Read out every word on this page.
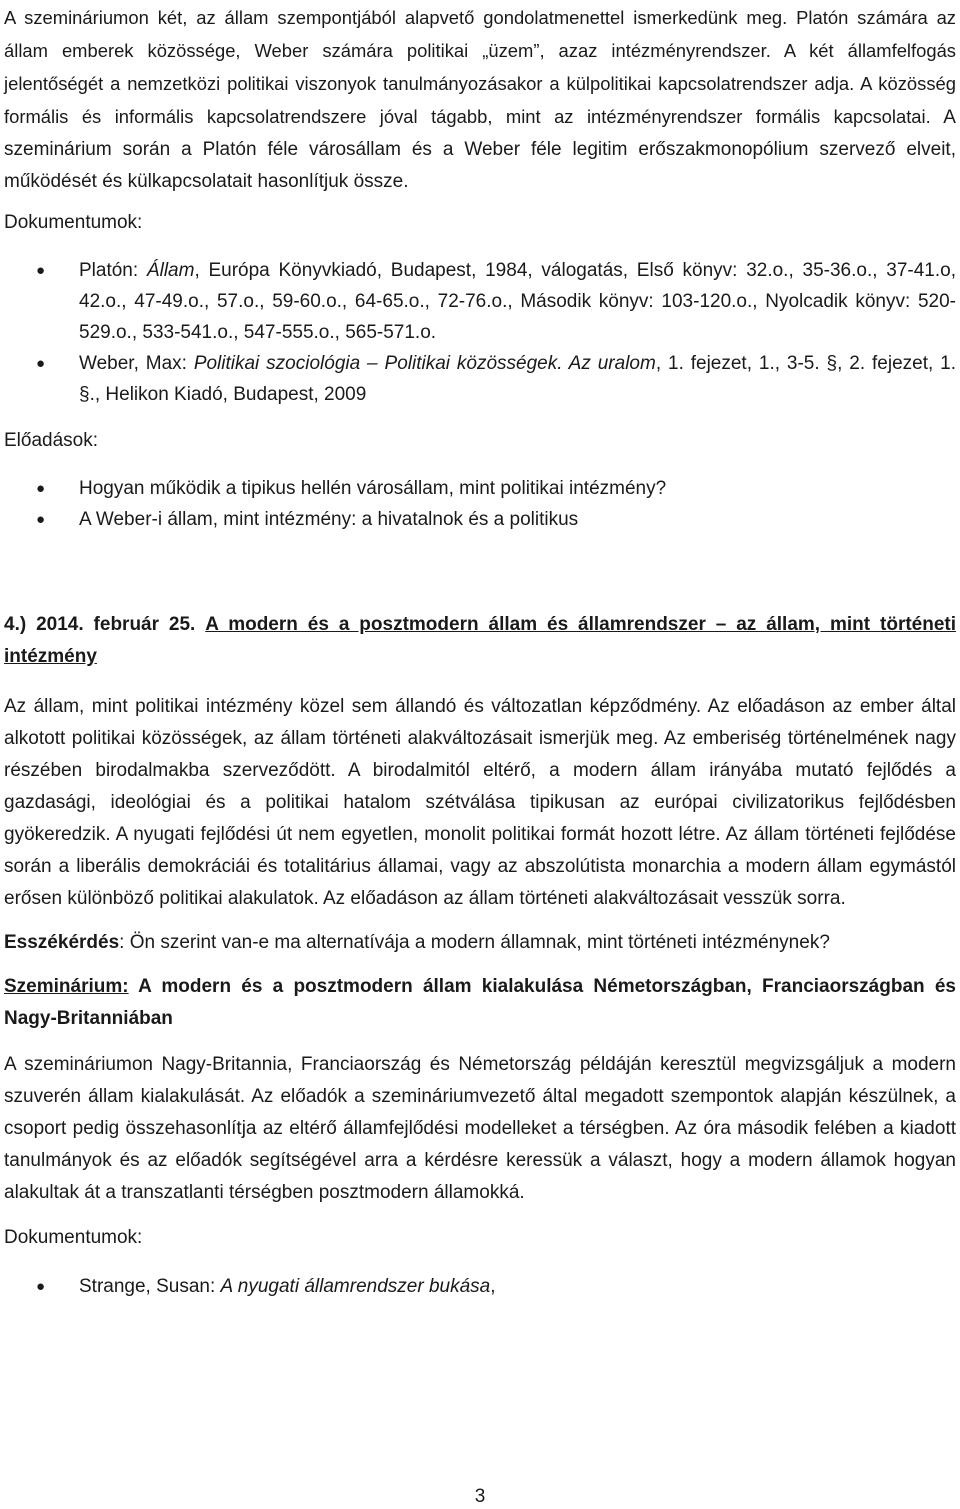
A szemináriumon két, az állam szempontjából alapvető gondolatmenettel ismerkedünk meg. Platón számára az állam emberek közössége, Weber számára politikai „üzem”, azaz intézményrendszer. A két államfelfogás jelentőségét a nemzetközi politikai viszonyok tanulmányozásakor a külpolitikai kapcsolatrendszer adja. A közösség formális és informális kapcsolatrendszere jóval tágabb, mint az intézményrendszer formális kapcsolatai. A szeminárium során a Platón féle városállam és a Weber féle legitim erőszakmonopólium szervező elveit, működését és külkapcsolatait hasonlítjuk össze.

Dokumentumok:

● Platón: Állam, Európa Könyvkiadó, Budapest, 1984, válogatás, Első könyv: 32.o., 35-36.o., 37-41.o, 42.o., 47-49.o., 57.o., 59-60.o., 64-65.o., 72-76.o., Második könyv: 103-120.o., Nyolcadik könyv: 520-529.o., 533-541.o., 547-555.o., 565-571.o.
● Weber, Max: Politikai szociológia – Politikai közösségek. Az uralom, 1. fejezet, 1., 3-5. §, 2. fejezet, 1. §., Helikon Kiadó, Budapest, 2009

Előadások:

● Hogyan működik a tipikus hellén városállam, mint politikai intézmény?
● A Weber-i állam, mint intézmény: a hivatalnok és a politikus

4.) 2014. február 25. A modern és a posztmodern állam és államrendszer – az állam, mint történeti intézmény

Az állam, mint politikai intézmény közel sem állandó és változatlan képződmény. Az előadáson az ember által alkotott politikai közösségek, az állam történeti alakváltozásait ismerjük meg. Az emberiség történelmének nagy részében birodalmakba szerveződött. A birodalmitól eltérő, a modern állam irányába mutató fejlődés a gazdasági, ideológiai és a politikai hatalom szétválása tipikusan az európai civilizatorikus fejlődésben gyökeredzik. A nyugati fejlődési út nem egyetlen, monolit politikai formát hozott létre. Az állam történeti fejlődése során a liberális demokráciái és totalitárius államai, vagy az abszolútista monarchia a modern állam egymástól erősen különböző politikai alakulatok. Az előadáson az állam történeti alakváltozásait vesszük sorra.

Esszékérdés: Ön szerint van-e ma alternatívája a modern államnak, mint történeti intézménynek?

Szeminárium: A modern és a posztmodern állam kialakulása Németországban, Franciaországban és Nagy-Britanniában

A szemináriumon Nagy-Britannia, Franciaország és Németország példáján keresztül megvizsgáljuk a modern szuverén állam kialakulását. Az előadók a szemináriumvezető által megadott szempontok alapján készülnek, a csoport pedig összehasonlítja az eltérő államfejlődési modelleket a térségben. Az óra második felében a kiadott tanulmányok és az előadók segítségével arra a kérdésre keressük a választ, hogy a modern államok hogyan alakultak át a transzatlanti térségben posztmodern államokká.

Dokumentumok:

● Strange, Susan: A nyugati államrendszer bukása,
3
